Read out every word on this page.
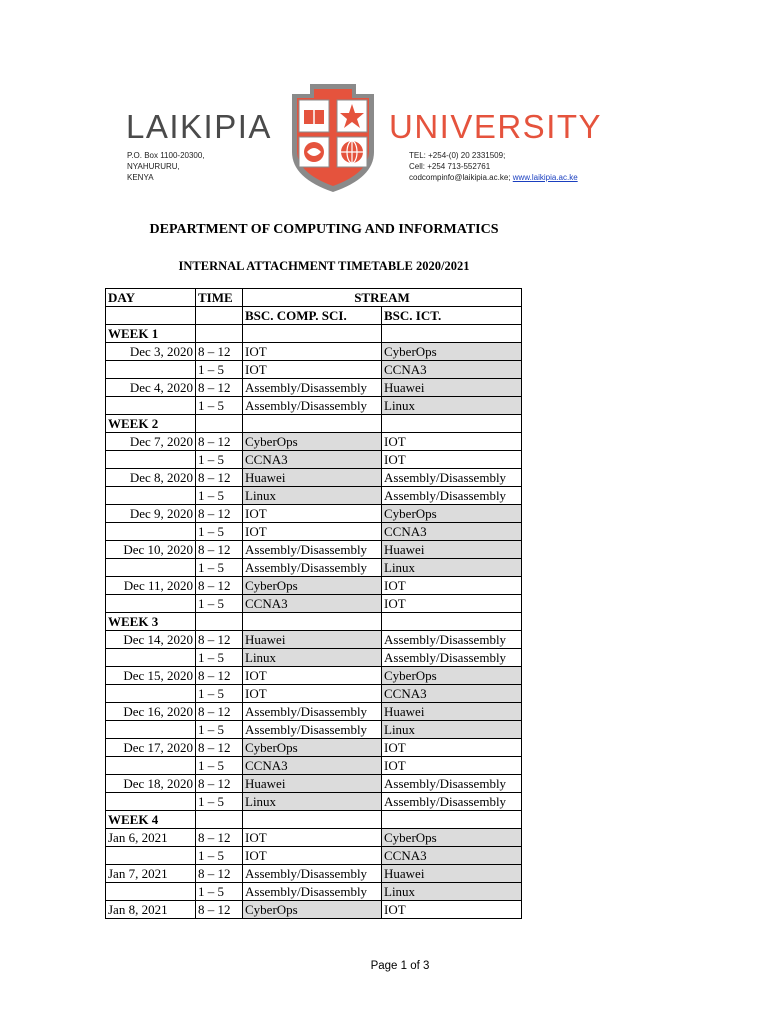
LAIKIPIA	UNIVERSITY
P.O. Box 1100-20300,
NYAHURURU,
KENYA
TEL: +254-(0) 20 2331509;
Cell: +254 713-552761
codcompinfo@laikipia.ac.ke; www.laikipia.ac.ke
DEPARTMENT OF COMPUTING AND INFORMATICS
INTERNAL ATTACHMENT TIMETABLE 2020/2021
DAY	TIME	STREAM	
		BSC. COMP. SCI.	BSC. ICT.
WEEK 1			
Dec 3, 2020	8 – 12	IOT	CyberOps
	1 – 5	IOT	CCNA3
Dec 4, 2020	8 – 12	Assembly/Disassembly	Huawei
	1 – 5	Assembly/Disassembly	Linux
WEEK 2			
Dec 7, 2020	8 – 12	CyberOps	IOT
	1 – 5	CCNA3	IOT
Dec 8, 2020	8 – 12	Huawei	Assembly/Disassembly
	1 – 5	Linux	Assembly/Disassembly
Dec 9, 2020	8 – 12	IOT	CyberOps
	1 – 5	IOT	CCNA3
Dec 10, 2020	8 – 12	Assembly/Disassembly	Huawei
	1 – 5	Assembly/Disassembly	Linux
Dec 11, 2020	8 – 12	CyberOps	IOT
	1 – 5	CCNA3	IOT
WEEK 3			
Dec 14, 2020	8 – 12	Huawei	Assembly/Disassembly
	1 – 5	Linux	Assembly/Disassembly
Dec 15, 2020	8 – 12	IOT	CyberOps
	1 – 5	IOT	CCNA3
Dec 16, 2020	8 – 12	Assembly/Disassembly	Huawei
	1 – 5	Assembly/Disassembly	Linux
Dec 17, 2020	8 – 12	CyberOps	IOT
	1 – 5	CCNA3	IOT
Dec 18, 2020	8 – 12	Huawei	Assembly/Disassembly
	1 – 5	Linux	Assembly/Disassembly
WEEK 4			
Jan 6, 2021	8 – 12	IOT	CyberOps
	1 – 5	IOT	CCNA3
Jan 7, 2021	8 – 12	Assembly/Disassembly	Huawei
	1 – 5	Assembly/Disassembly	Linux
Jan 8, 2021	8 – 12	CyberOps	IOT
Page 1 of 3
